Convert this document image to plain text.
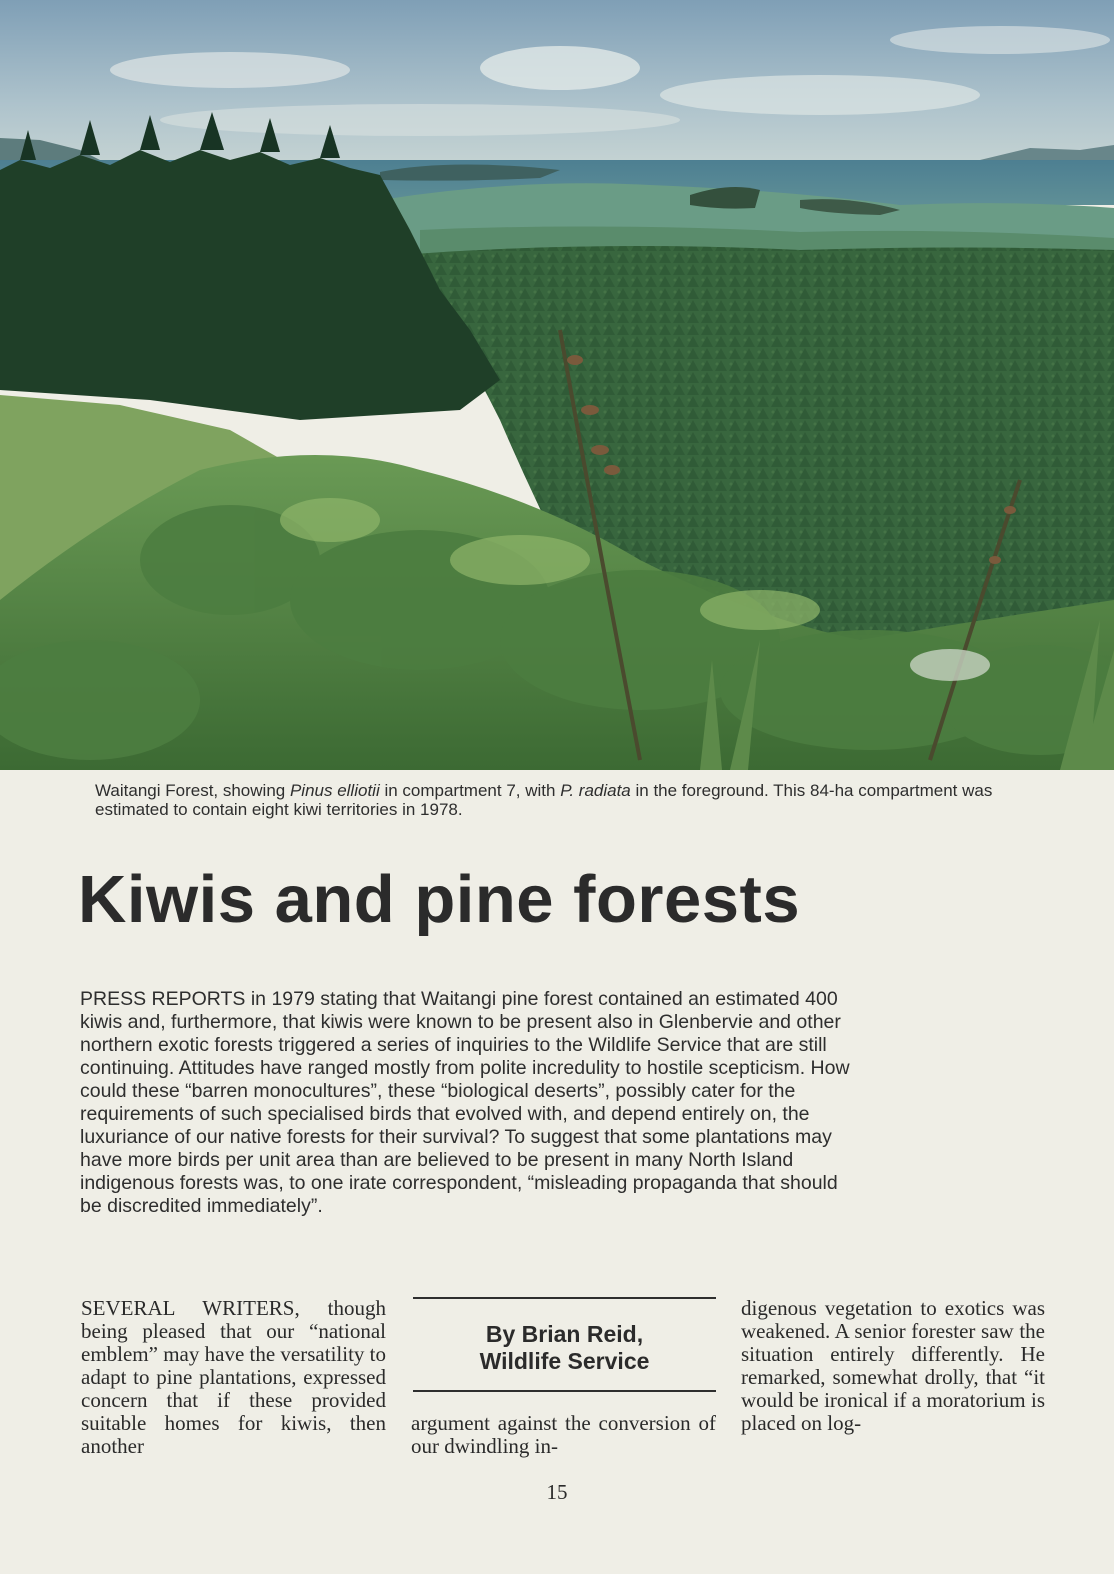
Waitangi Forest, showing Pinus elliotii in compartment 7, with P. radiata in the foreground. This 84-ha compartment was estimated to contain eight kiwi territories in 1978.
Kiwis and pine forests

PRESS REPORTS in 1979 stating that Waitangi pine forest contained an estimated 400 kiwis and, furthermore, that kiwis were known to be present also in Glenbervie and other northern exotic forests triggered a series of inquiries to the Wildlife Service that are still continuing. Attitudes have ranged mostly from polite incredulity to hostile scepticism. How could these “barren monocultures”, these “biological deserts”, possibly cater for the requirements of such specialised birds that evolved with, and depend entirely on, the luxuriance of our native forests for their survival? To suggest that some plantations may have more birds per unit area than are believed to be present in many North Island indigenous forests was, to one irate correspondent, “misleading propaganda that should be discredited immediately”.

SEVERAL WRITERS, though being pleased that our “national emblem” may have the versatility to adapt to pine plantations, expressed concern that if these provided suitable homes for kiwis, then another

By Brian Reid,
Wildlife Service

argument against the conversion of our dwindling in-

digenous vegetation to exotics was weakened. A senior forester saw the situation entirely differently. He remarked, somewhat drolly, that “it would be ironical if a moratorium is placed on log-

15
